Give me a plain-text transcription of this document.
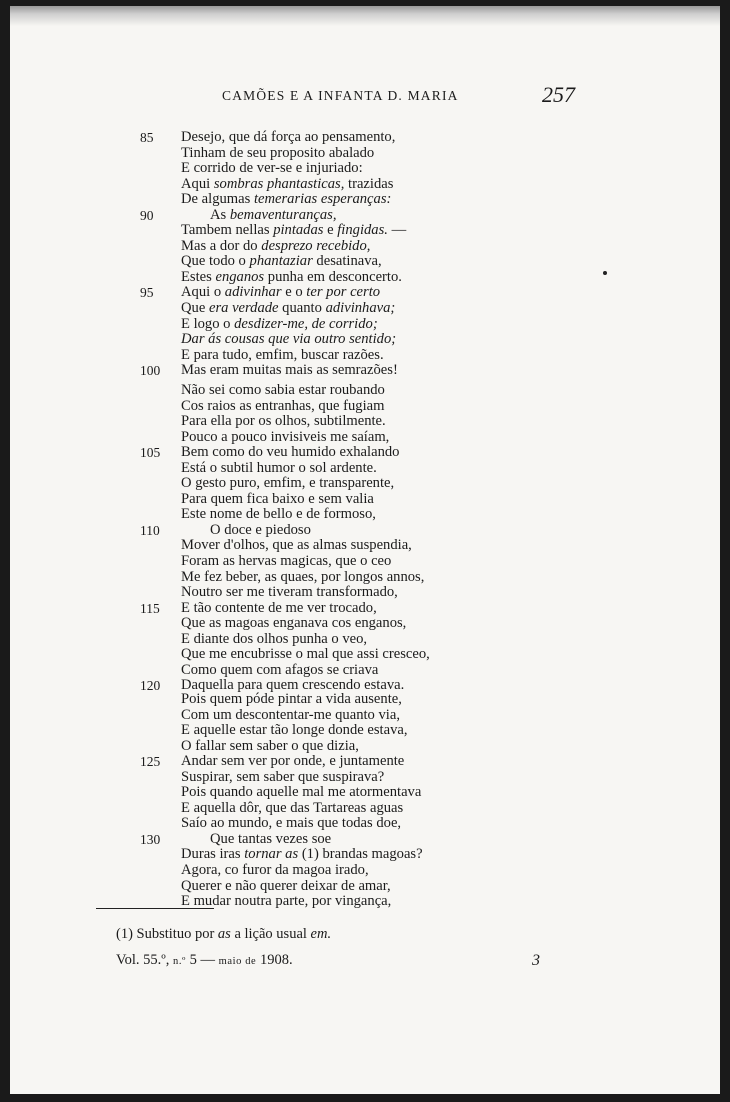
CAMÕES E A INFANTA D. MARIA	257
85	Desejo, que dá força ao pensamento,
Tinham de seu proposito abalado
E corrido de ver-se e injuriado:
Aqui sombras phantasticas, trazidas
De algumas temerarias esperanças:
90	As bemaventuranças,
Tambem nellas pintadas e fingidas. —
Mas a dor do desprezo recebido,
Que todo o phantaziar desatinava,
Estes enganos punha em desconcerto.
95	Aqui o adivinhar e o ter por certo
Que era verdade quanto adivinhava;
E logo o desdizer-me, de corrido;
Dar ás cousas que via outro sentido;
E para tudo, emfim, buscar razões.
100	Mas eram muitas mais as semrazões!
Não sei como sabia estar roubando
Cos raios as entranhas, que fugiam
Para ella por os olhos, subtilmente.
Pouco a pouco invisiveis me saíam,
105	Bem como do veu humido exhalando
Está o subtil humor o sol ardente.
O gesto puro, emfim, e transparente,
Para quem fica baixo e sem valia
Este nome de bello e de formoso,
110	O doce e piedoso
Mover d'olhos, que as almas suspendia,
Foram as hervas magicas, que o ceo
Me fez beber, as quaes, por longos annos,
Noutro ser me tiveram transformado,
115	E tão contente de me ver trocado,
Que as magoas enganava cos enganos,
E diante dos olhos punha o veo,
Que me encubrisse o mal que assi cresceo,
Como quem com afagos se criava
120	Daquella para quem crescendo estava.
Pois quem póde pintar a vida ausente,
Com um descontentar-me quanto via,
E aquelle estar tão longe donde estava,
O fallar sem saber o que dizia,
125	Andar sem ver por onde, e juntamente
Suspirar, sem saber que suspirava?
Pois quando aquelle mal me atormentava
E aquella dôr, que das Tartareas aguas
Saío ao mundo, e mais que todas doe,
130	Que tantas vezes soe
Duras iras tornar as (1) brandas magoas?
Agora, co furor da magoa irado,
Querer e não querer deixar de amar,
E mudar noutra parte, por vingança,
(1) Substituo por as a lição usual em.
Vol. 55.º, n.º 5 — maio de 1908.	3
